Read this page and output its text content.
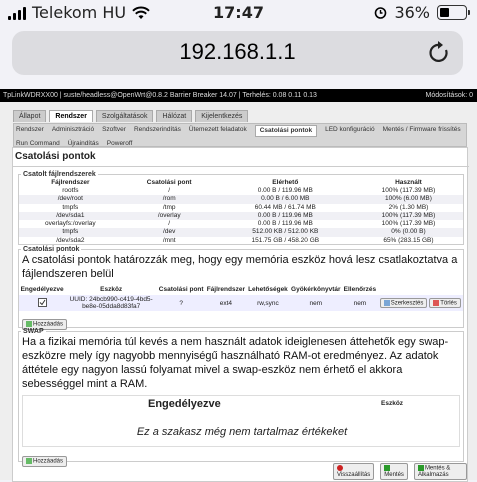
Telekom HU	17:47	36%
192.168.1.1
TpLinkWDRXX00 | suste/headless@OpenWrt@0.8.2 Barrier Breaker 14.07 | Terhelés: 0.08 0.11 0.13	Módosítások: 0
Állapot	Rendszer	Szolgáltatások	Hálózat	Kijelentkezés
Rendszer Adminisztráció Szoftver Rendszerindítás Ütemezett feladatok	Csatolási pontok	LED konfiguráció Mentés / Firmware frissítés
Run Command Újraindítás Poweroff
Csatolási pontok
Csatolt fájlrendszerek
Fájlrendszer	Csatolási pont	Elérhető	Használt
rootfs	/	0.00 B / 119.96 MB	100% (117.39 MB)
/dev/root	/rom	0.00 B / 6.00 MB	100% (6.00 MB)
tmpfs	/tmp	60.44 MB / 61.74 MB	2% (1.30 MB)
/dev/sda1	/overlay	0.00 B / 119.96 MB	100% (117.39 MB)
overlayfs:/overlay	/	0.00 B / 119.96 MB	100% (117.39 MB)
tmpfs	/dev	512.00 KB / 512.00 KB	0% (0.00 B)
/dev/sda2	/mnt	151.75 GB / 458.20 GB	65% (283.15 GB)
Csatolási pontok
A csatolási pontok határozzák meg, hogy egy memória eszköz hová lesz csatlakoztatva a fájlendszeren belül
Engedélyezve	Eszköz	Csatolási pont	Fájlrendszer	Lehetőségek	Gyökérkönyvtár	Ellenőrzés	
	UUID: 24bcb990-c419-4bd5-be8e-05dda8d83fa7	?	ext4	rw,sync	nem	nem	Szerkesztés Törlés
Hozzáadás
SWAP
Ha a fizikai memória túl kevés a nem használt adatok ideiglenesen áttehetők egy swap-eszközre mely így nagyobb mennyiségű használható RAM-ot eredményez. Az adatok áttétele egy nagyon lassú folyamat mivel a swap-eszköz nem érhető el akkora sebességgel mint a RAM.
Engedélyezve	Eszköz
Ez a szakasz még nem tartalmaz értékeket
Hozzáadás
Visszaállítás	Mentés
Mentés & Alkalmazás
